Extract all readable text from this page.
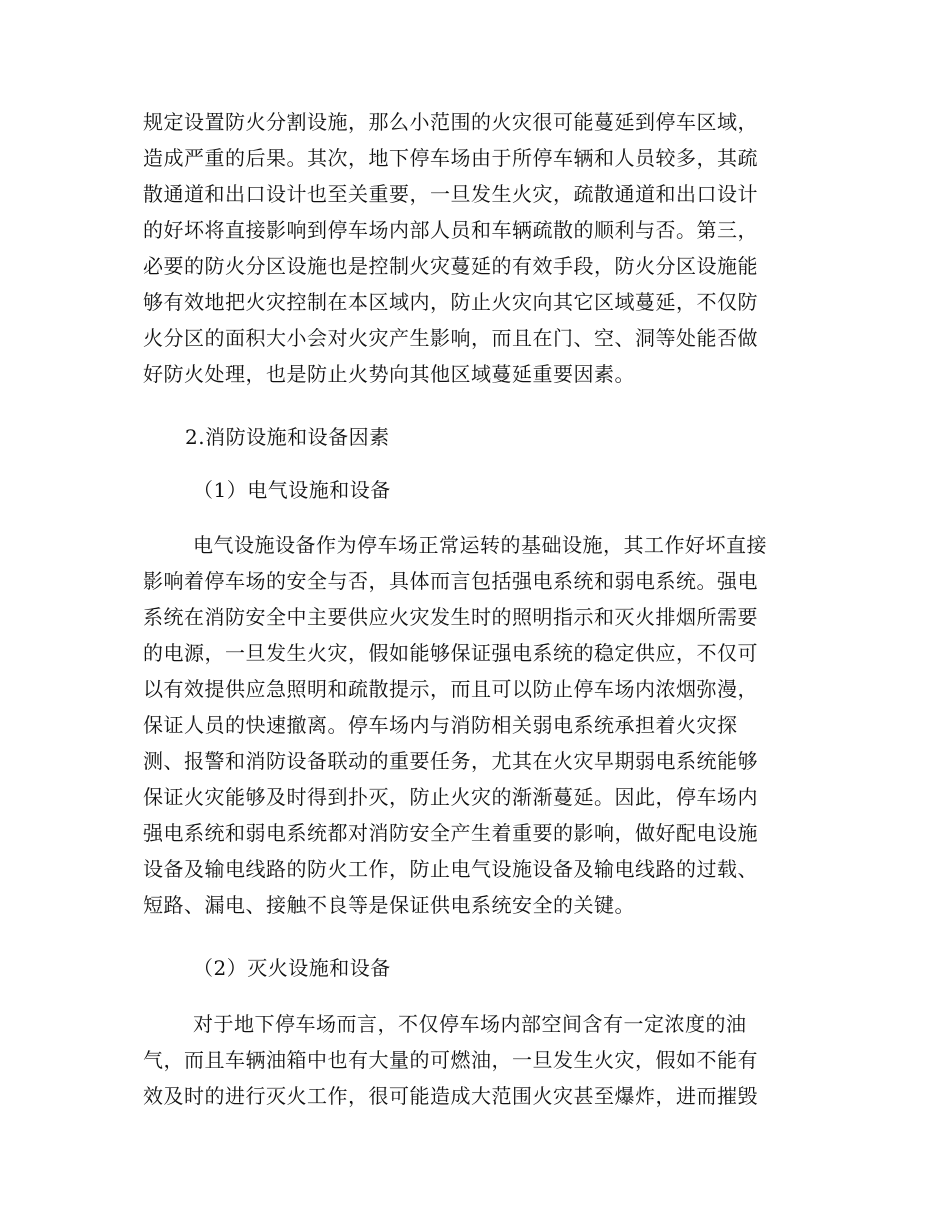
规定设置防火分割设施，那么小范围的火灾很可能蔓延到停车区域，
造成严重的后果。其次，地下停车场由于所停车辆和人员较多，其疏
散通道和出口设计也至关重要，一旦发生火灾，疏散通道和出口设计
的好坏将直接影响到停车场内部人员和车辆疏散的顺利与否。第三，
必要的防火分区设施也是控制火灾蔓延的有效手段，防火分区设施能
够有效地把火灾控制在本区域内，防止火灾向其它区域蔓延，不仅防
火分区的面积大小会对火灾产生影响，而且在门、空、洞等处能否做
好防火处理，也是防止火势向其他区域蔓延重要因素。
2.消防设施和设备因素
（1）电气设施和设备
电气设施设备作为停车场正常运转的基础设施，其工作好坏直接
影响着停车场的安全与否，具体而言包括强电系统和弱电系统。强电
系统在消防安全中主要供应火灾发生时的照明指示和灭火排烟所需要
的电源，一旦发生火灾，假如能够保证强电系统的稳定供应，不仅可
以有效提供应急照明和疏散提示，而且可以防止停车场内浓烟弥漫，
保证人员的快速撤离。停车场内与消防相关弱电系统承担着火灾探
测、报警和消防设备联动的重要任务，尤其在火灾早期弱电系统能够
保证火灾能够及时得到扑灭，防止火灾的渐渐蔓延。因此，停车场内
强电系统和弱电系统都对消防安全产生着重要的影响，做好配电设施
设备及输电线路的防火工作，防止电气设施设备及输电线路的过载、
短路、漏电、接触不良等是保证供电系统安全的关键。
（2）灭火设施和设备
对于地下停车场而言，不仅停车场内部空间含有一定浓度的油
气，而且车辆油箱中也有大量的可燃油，一旦发生火灾，假如不能有
效及时的进行灭火工作，很可能造成大范围火灾甚至爆炸，进而摧毁
